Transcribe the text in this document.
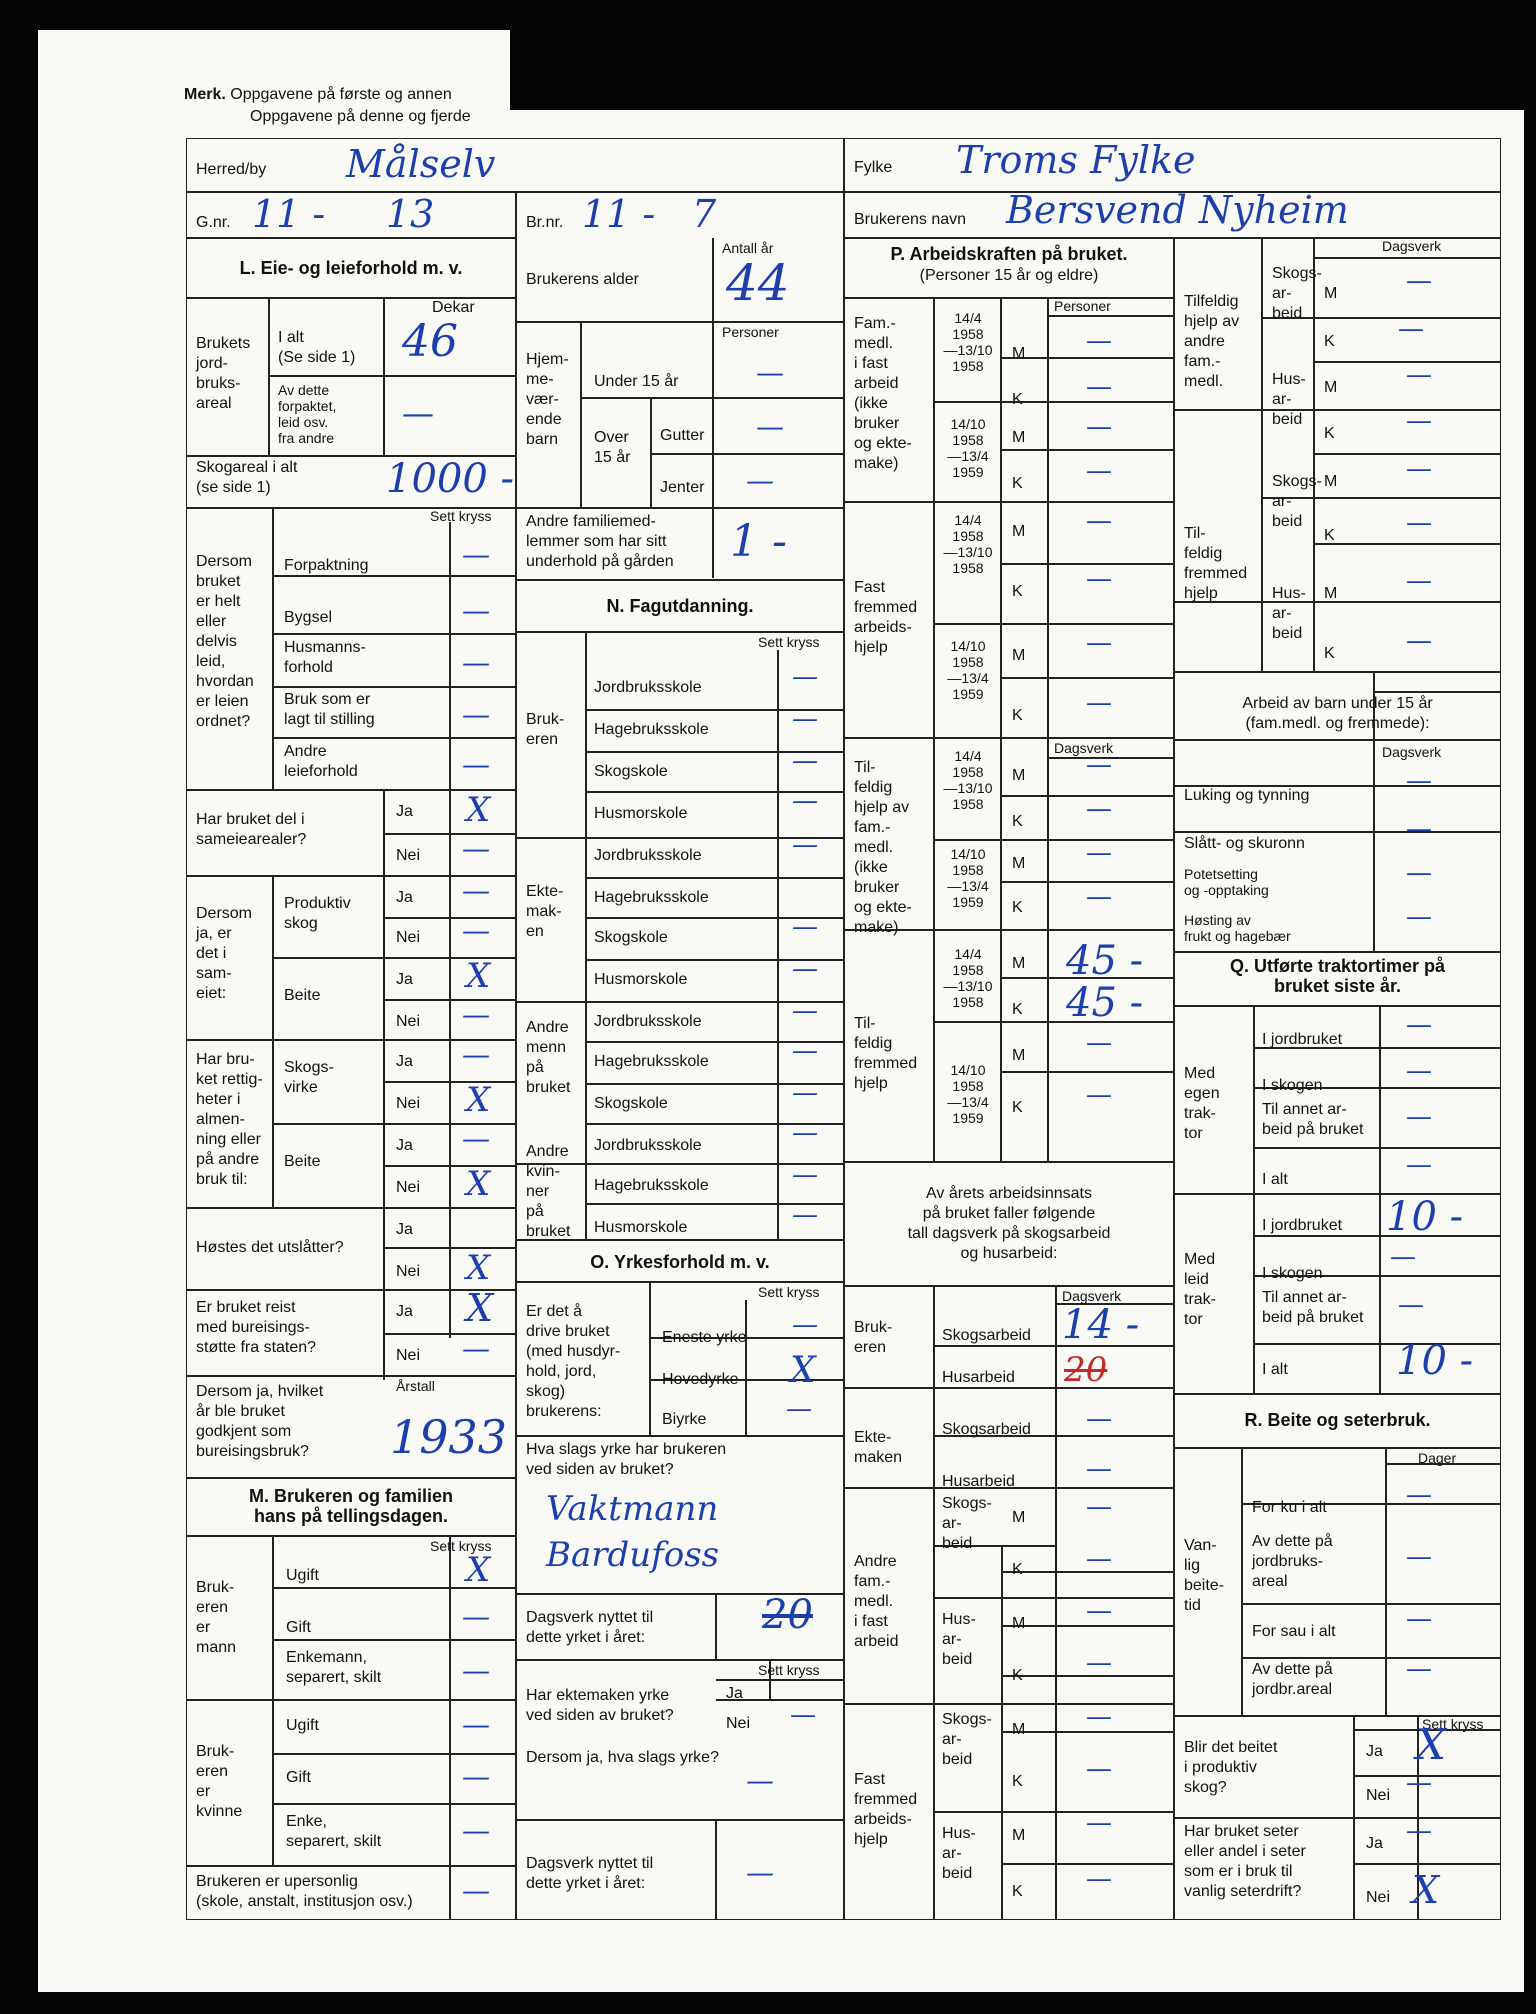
Merk. Oppgavene på første og annen
Oppgavene på denne og fjerde
Herred/by Målselv	Fylke Troms Fylke
G.nr. 11 - 13	Br.nr. 11 - 7	Brukerens navn Bersvend Nyheim
L. Eie- og leieforhold m. v.
Dekar
Brukets
jord-
bruks-
areal
I alt
(Se side 1) 46
Av dette
forpaktet,
leid osv.
fra andre
—
Skogareal i alt
(se side 1)	1000 -
Sett kryss
Dersom
bruket
er helt
eller
delvis
leid,
hvordan
er leien
ordnet?
Forpaktning	—
Bygsel	—
Husmanns-
forhold	—
Bruk som er
lagt til stilling	—
Andre
leieforhold	—
Har bruket del i
sameiearealer?
Ja X
Nei —
Dersom
ja, er
det i
sam-
eiet:
Produktiv
skog
Ja —
Nei —
Beite
Ja X
Nei —
Har bru-
ket rettig-
heter i
almen-
ning eller
på andre
bruk til:
Skogs-
virke
Ja —
Nei X
Beite
Ja —
Nei X
Høstes det utslåtter?
Ja
Nei X
Er bruket reist
med bureisings-
støtte fra staten?
Ja X
Nei —
Dersom ja, hvilket
år ble bruket
godkjent som
bureisingsbruk?
Årstall
1933
M. Brukeren og familien
hans på tellingsdagen.
Sett kryss
Bruk-
eren
er
mann
Ugift	X
Gift	—
Enkemann,
separert, skilt	—
Bruk-
eren
er
kvinne
Ugift	—
Gift	—
Enke,
separert, skilt	—
Brukeren er upersonlig
(skole, anstalt, institusjon osv.) —
Brukerens alder
Antall år
44
Personer
Hjem-
me-
vær-
ende
barn
Under 15 år	—
Over
15 år
Gutter —
Jenter —
Andre familiemed-
lemmer som har sitt
underhold på gården 1 -
N. Fagutdanning.
Sett kryss
Bruk-
eren
Jordbruksskole	—
Hagebruksskole	—
Skogskole	—
Husmorskole	—
Ekte-
mak-
en
Jordbruksskole	—
Hagebruksskole
Skogskole	—
Husmorskole	—
Andre
menn
på
bruket
Jordbruksskole	—
Hagebruksskole	—
Skogskole	—
Andre
kvin-
ner
på
bruket
Jordbruksskole	—
Hagebruksskole	—
Husmorskole	—
O. Yrkesforhold m. v.
Sett kryss
Er det å
drive bruket
(med husdyr-
hold, jord,
skog)
brukerens:
Eneste yrke —
Hovedyrke X
Biyrke	—
Hva slags yrke har brukeren
ved siden av bruket?
Vaktmann
Bardufoss
Dagsverk nyttet til
dette yrket i året:	20
Sett kryss
Har ektemaken yrke
ved siden av bruket?
Ja
Nei —
Dersom ja, hva slags yrke?
—
Dagsverk nyttet til
dette yrket i året:	—
P. Arbeidskraften på bruket.
(Personer 15 år og eldre)
Personer
Fam.-
medl.
i fast
arbeid
(ikke
bruker
og ekte-
make)
14/4
1958
—13/10
1958
M —
K —
14/10
1958
—13/4
1959
M —
K —
Fast
fremmed
arbeids-
hjelp
14/4
1958
—13/10
1958
M —
K —
14/10
1958
—13/4
1959
M —
K —
Dagsverk
Til-
feldig
hjelp av
fam.-
medl.
(ikke
bruker
og ekte-
make)
14/4
1958
—13/10
1958
M —
K —
14/10
1958
—13/4
1959
M —
K —
Til-
feldig
fremmed
hjelp
14/4
1958
—13/10
1958
M 45 -
K 45 -
14/10
1958
—13/4
1959
M —
K —
Av årets arbeidsinnsats
på bruket faller følgende
tall dagsverk på skogsarbeid
og husarbeid:
Dagsverk
Bruk-
eren
Skogsarbeid 14 -
Husarbeid 20
Ekte-
maken
Skogsarbeid —
Husarbeid	—
Andre
fam.-
medl.
i fast
arbeid
Skogs-
ar-
beid
M —
K —
Hus-
ar-
beid
M —
K —
Fast
fremmed
arbeids-
hjelp
Skogs-
ar-
beid
M —
K —
Hus-
ar-
beid
M —
K —
Dagsverk
Tilfeldig
hjelp av
andre
fam.-
medl.
Skogs-
ar-
beid
M	—
K —
Hus-
ar-
beid
M	—
K	—
Til-
feldig
fremmed
hjelp
Skogs-
ar-
beid
M	—
K	—
Hus-
ar-
beid
M	—
K	—
Arbeid av barn under 15 år
(fam.medl. og fremmede):
Dagsverk
Luking og tynning	—
Slått- og skuronn	—
Potetsetting
og -opptaking
—
Høsting av
frukt og hagebær
—
Q. Utførte traktortimer på
bruket siste år.
Med
egen
trak-
tor
I jordbruket —
I skogen	—
Til annet ar-
beid på bruket —
I alt	—
Med
leid
trak-
tor
I jordbruket 10 -
I skogen
—
Til annet ar-
beid på bruket —
I alt	10 -
R. Beite og seterbruk.
Dager
Van-
lig
beite-
tid
For ku i alt	—
Av dette på
jordbruks-
areal
—
For sau i alt	—
Av dette på
jordbr.areal
—
Sett kryss
Blir det beitet
i produktiv
skog?
Ja X
Nei —
Har bruket seter
eller andel i seter
som er i bruk til
vanlig seterdrift?
Ja —
Nei X
